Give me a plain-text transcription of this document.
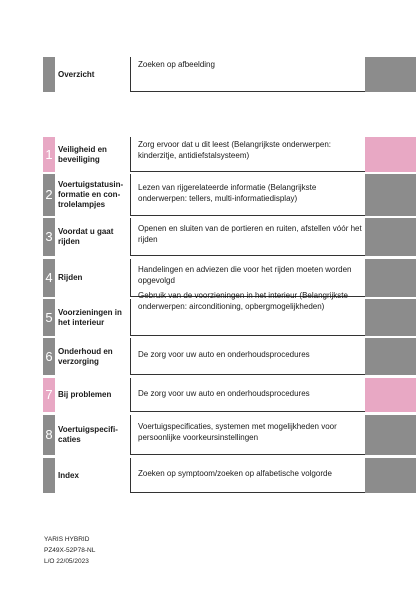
Overzicht
Zoeken op afbeelding
1 Veiligheid en beveiliging
Zorg ervoor dat u dit leest (Belangrijkste onderwerpen: kinderzitje, antidiefstalsysteem)
2
Voertuigstatusin-formatie en con-trolelampjes
Lezen van rijgerelateerde informatie (Belangrijkste onderwerpen: tellers, multi-informatiedisplay)
3 Voordat u gaat rijden
Openen en sluiten van de portieren en ruiten, afstellen vóór het rijden
4 Rijden
Handelingen en adviezen die voor het rijden moeten worden opgevolgd
5 Voorzieningen in het interieur
Gebruik van de voorzieningen in het interieur (Belangrijkste onderwerpen: airconditioning, opbergmogelijkheden)
6 Onderhoud en verzorging
De zorg voor uw auto en onderhoudsprocedures
7 Bij problemen	De zorg voor uw auto en onderhoudsprocedures
8 Voertuigspecifi-caties
Voertuigspecificaties, systemen met mogelijkheden voor persoonlijke voorkeursinstellingen
Index	Zoeken op symptoom/zoeken op alfabetische volgorde
YARIS HYBRID
PZ49X-52P78-NL
L/O 22/05/2023
